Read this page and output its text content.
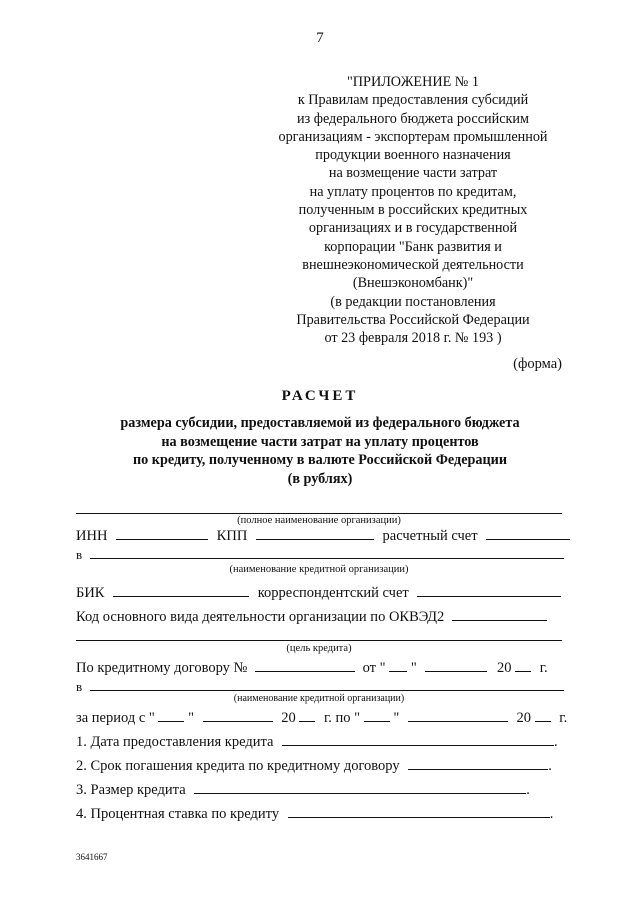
7
"ПРИЛОЖЕНИЕ № 1
к Правилам предоставления субсидий
из федерального бюджета российским
организациям - экспортерам промышленной
продукции военного назначения
на возмещение части затрат
на уплату процентов по кредитам,
полученным в российских кредитных
организациях и в государственной
корпорации "Банк развития и
внешнеэкономической деятельности
(Внешэкономбанк)"
(в редакции постановления
Правительства Российской Федерации
от 23 февраля 2018 г. № 193 )
(форма)
РАСЧЕТ
размера субсидии, предоставляемой из федерального бюджета
на возмещение части затрат на уплату процентов
по кредиту, полученному в валюте Российской Федерации
(в рублях)
(полное наименование организации)
ИНН	КПП	расчетный счет
в
(наименование кредитной организации)
БИК	корреспондентский счет
Код основного вида деятельности организации по ОКВЭД2
(цель кредита)
По кредитному договору №	от " "	20 г.
в
(наименование кредитной организации)
за период с " "	20 г. по " "	20 г.
1. Дата предоставления кредита	.
2. Срок погашения кредита по кредитному договору	.
3. Размер кредита	.
4. Процентная ставка по кредиту	.
3641667
